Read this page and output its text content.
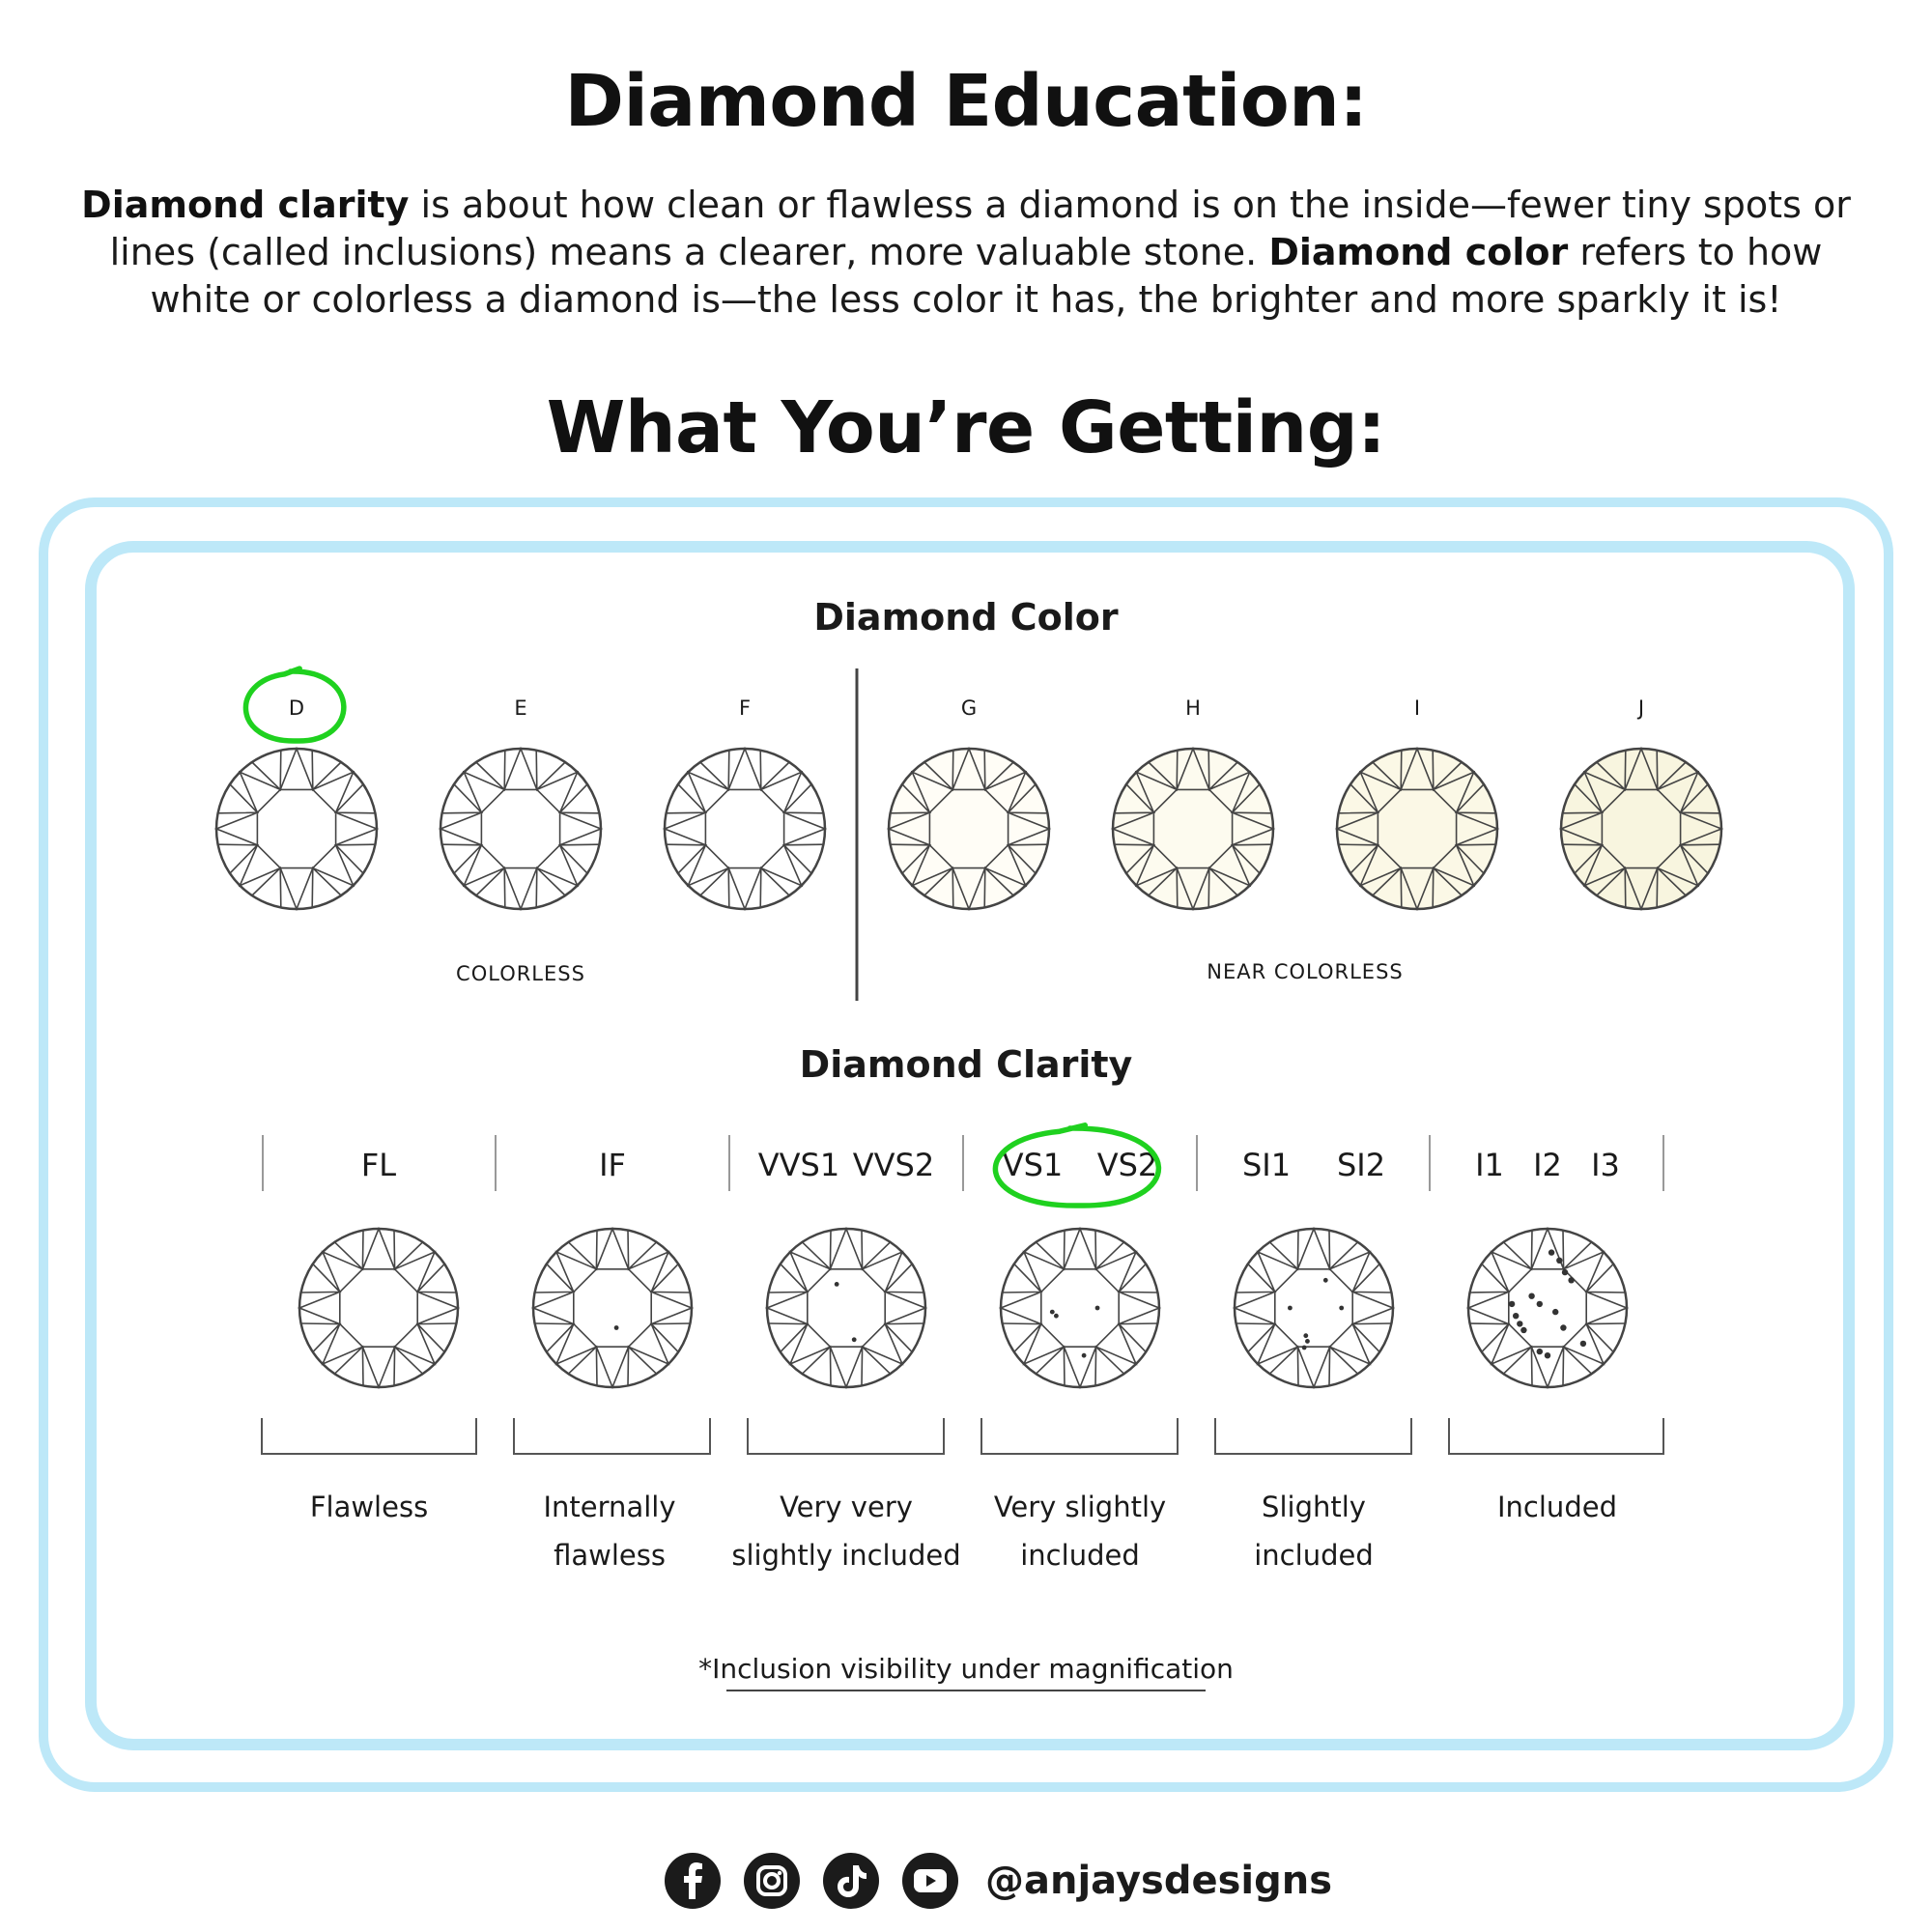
Diamond Education:

Diamond clarity is about how clean or flawless a diamond is on the inside—fewer tiny spots or lines (called inclusions) means a clearer, more valuable stone. Diamond color refers to how white or colorless a diamond is—the less color it has, the brighter and more sparkly it is!

What You’re Getting:
Diamond Color
COLORLESS	NEAR COLORLESS
Diamond Clarity
D	E	F	G	H	I	J
FL
Flawless
IF
Internally
flawless
VVS1 VVS2
Very very
slightly included
VS1 VS2
Very slightly
included
SI1 SI2
Slightly
included
I1 I2 I3
Included
*Inclusion visibility under magnification
@anjaysdesigns
